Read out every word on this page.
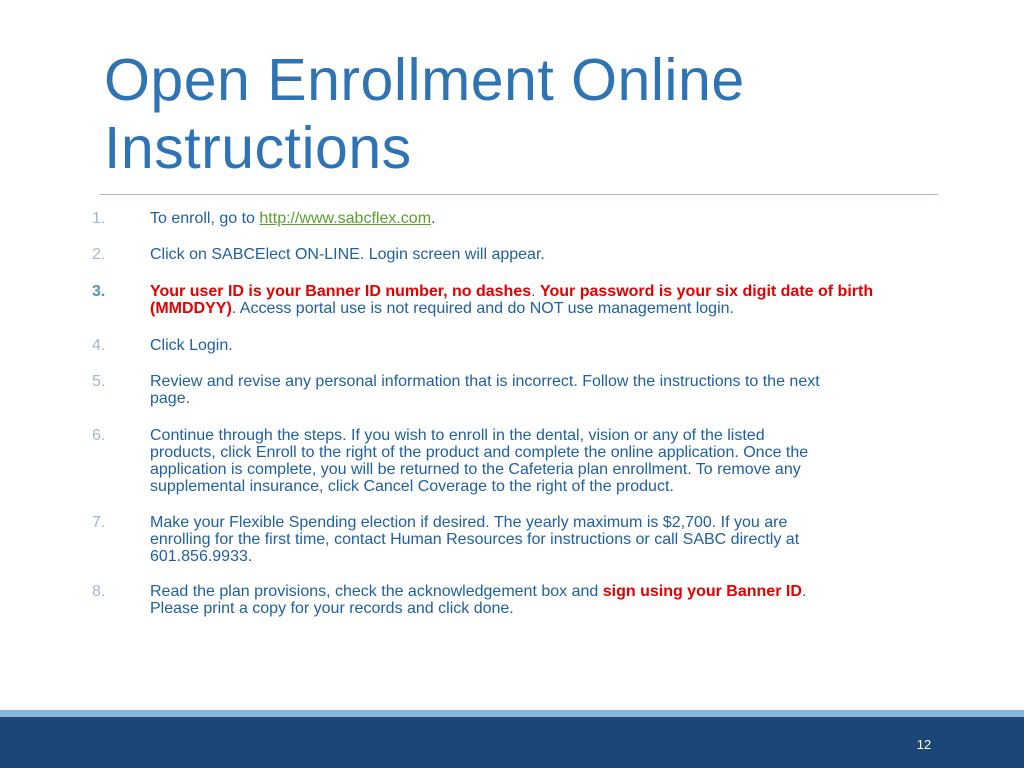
Open Enrollment Online
Instructions
1.	To enroll, go to http://www.sabcflex.com.
2.	Click on SABCElect ON-LINE. Login screen will appear.
3.	Your user ID is your Banner ID number, no dashes. Your password is your six digit date of birth
(MMDDYY). Access portal use is not required and do NOT use management login.
4.	Click Login.
5.	Review and revise any personal information that is incorrect. Follow the instructions to the next
page.
6.	Continue through the steps. If you wish to enroll in the dental, vision or any of the listed
products, click Enroll to the right of the product and complete the online application. Once the
application is complete, you will be returned to the Cafeteria plan enrollment. To remove any
supplemental insurance, click Cancel Coverage to the right of the product.
7.	Make your Flexible Spending election if desired. The yearly maximum is $2,700. If you are
enrolling for the first time, contact Human Resources for instructions or call SABC directly at
601.856.9933.
8.	Read the plan provisions, check the acknowledgement box and sign using your Banner ID.
Please print a copy for your records and click done.
12
